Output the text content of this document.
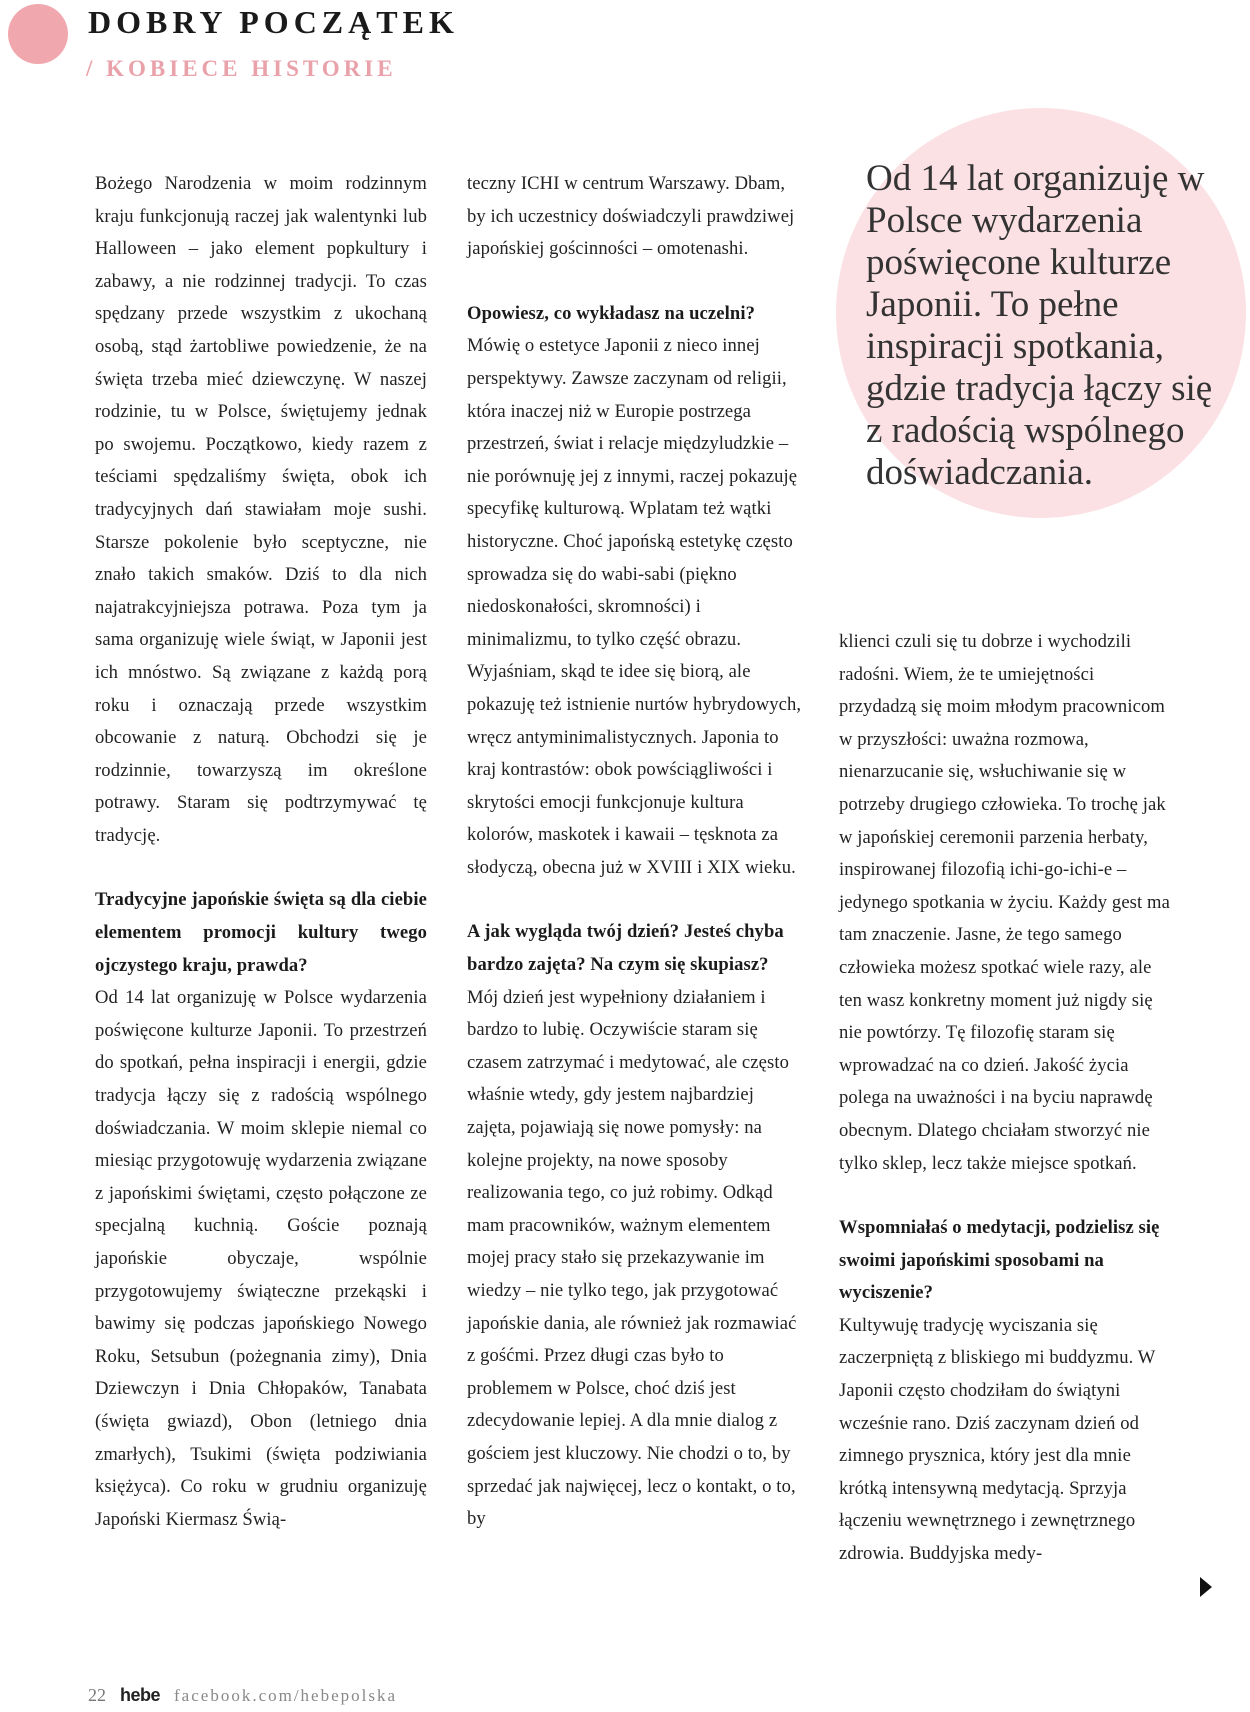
DOBRY POCZĄTEK
/ KOBIECE HISTORIE

Bożego Narodzenia w moim rodzinnym kraju funkcjonują raczej jak walentynki lub Halloween – jako element popkultury i zabawy, a nie rodzinnej tradycji. To czas spędzany przede wszystkim z ukochaną osobą, stąd żartobliwe powiedzenie, że na święta trzeba mieć dziewczynę. W naszej rodzinie, tu w Polsce, świętujemy jednak po swojemu. Początkowo, kiedy razem z teściami spędzaliśmy święta, obok ich tradycyjnych dań stawiałam moje sushi. Starsze pokolenie było sceptyczne, nie znało takich smaków. Dziś to dla nich najatrakcyjniejsza potrawa. Poza tym ja sama organizuję wiele świąt, w Japonii jest ich mnóstwo. Są związane z każdą porą roku i oznaczają przede wszystkim obcowanie z naturą. Obchodzi się je rodzinnie, towarzyszą im określone potrawy. Staram się podtrzymywać tę tradycję.

Tradycyjne japońskie święta są dla ciebie elementem promocji kultury twego ojczystego kraju, prawda?

Od 14 lat organizuję w Polsce wydarzenia poświęcone kulturze Japonii. To przestrzeń do spotkań, pełna inspiracji i energii, gdzie tradycja łączy się z radością wspólnego doświadczania. W moim sklepie niemal co miesiąc przygotowuję wydarzenia związane z japońskimi świętami, często połączone ze specjalną kuchnią. Goście poznają japońskie obyczaje, wspólnie przygotowujemy świąteczne przekąski i bawimy się podczas japońskiego Nowego Roku, Setsubun (pożegnania zimy), Dnia Dziewczyn i Dnia Chłopaków, Tanabata (święta gwiazd), Obon (letniego dnia zmarłych), Tsukimi (święta podziwiania księżyca). Co roku w grudniu organizuję Japoński Kiermasz Świą-

teczny ICHI w centrum Warszawy. Dbam, by ich uczestnicy doświadczyli prawdziwej japońskiej gościnności – omotenashi.

Opowiesz, co wykładasz na uczelni?

Mówię o estetyce Japonii z nieco innej perspektywy. Zawsze zaczynam od religii, która inaczej niż w Europie postrzega przestrzeń, świat i relacje międzyludzkie – nie porównuję jej z innymi, raczej pokazuję specyfikę kulturową. Wplatam też wątki historyczne. Choć japońską estetykę często sprowadza się do wabi-sabi (piękno niedoskonałości, skromności) i minimalizmu, to tylko część obrazu. Wyjaśniam, skąd te idee się biorą, ale pokazuję też istnienie nurtów hybrydowych, wręcz antyminimalistycznych. Japonia to kraj kontrastów: obok powściągliwości i skrytości emocji funkcjonuje kultura kolorów, maskotek i kawaii – tęsknota za słodyczą, obecna już w XVIII i XIX wieku.

A jak wygląda twój dzień? Jesteś chyba bardzo zajęta? Na czym się skupiasz?

Mój dzień jest wypełniony działaniem i bardzo to lubię. Oczywiście staram się czasem zatrzymać i medytować, ale często właśnie wtedy, gdy jestem najbardziej zajęta, pojawiają się nowe pomysły: na kolejne projekty, na nowe sposoby realizowania tego, co już robimy. Odkąd mam pracowników, ważnym elementem mojej pracy stało się przekazywanie im wiedzy – nie tylko tego, jak przygotować japońskie dania, ale również jak rozmawiać z gośćmi. Przez długi czas było to problemem w Polsce, choć dziś jest zdecydowanie lepiej. A dla mnie dialog z gościem jest kluczowy. Nie chodzi o to, by sprzedać jak najwięcej, lecz o kontakt, o to, by

Od 14 lat organizuję w Polsce wydarzenia poświęcone kulturze Japonii. To pełne inspiracji spotkania, gdzie tradycja łączy się z radością wspólnego doświadczania.

klienci czuli się tu dobrze i wychodzili radośni. Wiem, że te umiejętności przydadzą się moim młodym pracownicom w przyszłości: uważna rozmowa, nienarzucanie się, wsłuchiwanie się w potrzeby drugiego człowieka. To trochę jak w japońskiej ceremonii parzenia herbaty, inspirowanej filozofią ichi-go-ichi-e – jedynego spotkania w życiu. Każdy gest ma tam znaczenie. Jasne, że tego samego człowieka możesz spotkać wiele razy, ale ten wasz konkretny moment już nigdy się nie powtórzy. Tę filozofię staram się wprowadzać na co dzień. Jakość życia polega na uważności i na byciu naprawdę obecnym. Dlatego chciałam stworzyć nie tylko sklep, lecz także miejsce spotkań.

Wspomniałaś o medytacji, podzielisz się swoimi japońskimi sposobami na wyciszenie?

Kultywuję tradycję wyciszania się zaczerpniętą z bliskiego mi buddyzmu. W Japonii często chodziłam do świątyni wcześnie rano. Dziś zaczynam dzień od zimnego prysznica, który jest dla mnie krótką intensywną medytacją. Sprzyja łączeniu wewnętrznego i zewnętrznego zdrowia. Buddyjska medy-

22 hebe facebook.com/hebepolska
